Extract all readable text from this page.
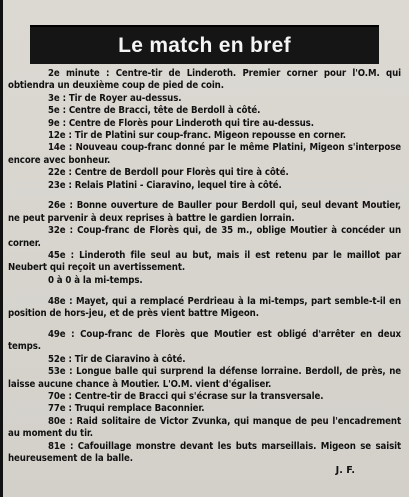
Le match en bref

2e minute : Centre-tir de Linderoth. Premier corner pour l'O.M. qui obtiendra un deuxième coup de pied de coin.

3e : Tir de Royer au-dessus.

5e : Centre de Bracci, tête de Berdoll à côté.

9e : Centre de Florès pour Linderoth qui tire au-dessus.

12e : Tir de Platini sur coup-franc. Migeon repousse en corner.

14e : Nouveau coup-franc donné par le même Platini, Migeon s'interpose encore avec bonheur.

22e : Centre de Berdoll pour Florès qui tire à côté.

23e : Relais Platini - Ciaravino, lequel tire à côté.

26e : Bonne ouverture de Bauller pour Berdoll qui, seul devant Moutier, ne peut parvenir à deux reprises à battre le gardien lorrain.

32e : Coup-franc de Florès qui, de 35 m., oblige Moutier à concéder un corner.

45e : Linderoth file seul au but, mais il est retenu par le maillot par Neubert qui reçoit un avertissement.

0 à 0 à la mi-temps.

48e : Mayet, qui a remplacé Perdrieau à la mi-temps, part semble-t-il en position de hors-jeu, et de près vient battre Migeon.

49e : Coup-franc de Florès que Moutier est obligé d'arrêter en deux temps.

52e : Tir de Ciaravino à côté.

53e : Longue balle qui surprend la défense lorraine. Berdoll, de près, ne laisse aucune chance à Moutier. L'O.M. vient d'égaliser.

70e : Centre-tir de Bracci qui s'écrase sur la transversale.

77e : Truqui remplace Baconnier.

80e : Raid solitaire de Victor Zvunka, qui manque de peu l'encadrement au moment du tir.

81e : Cafouillage monstre devant les buts marseillais. Migeon se saisit heureusement de la balle.

J. F.
